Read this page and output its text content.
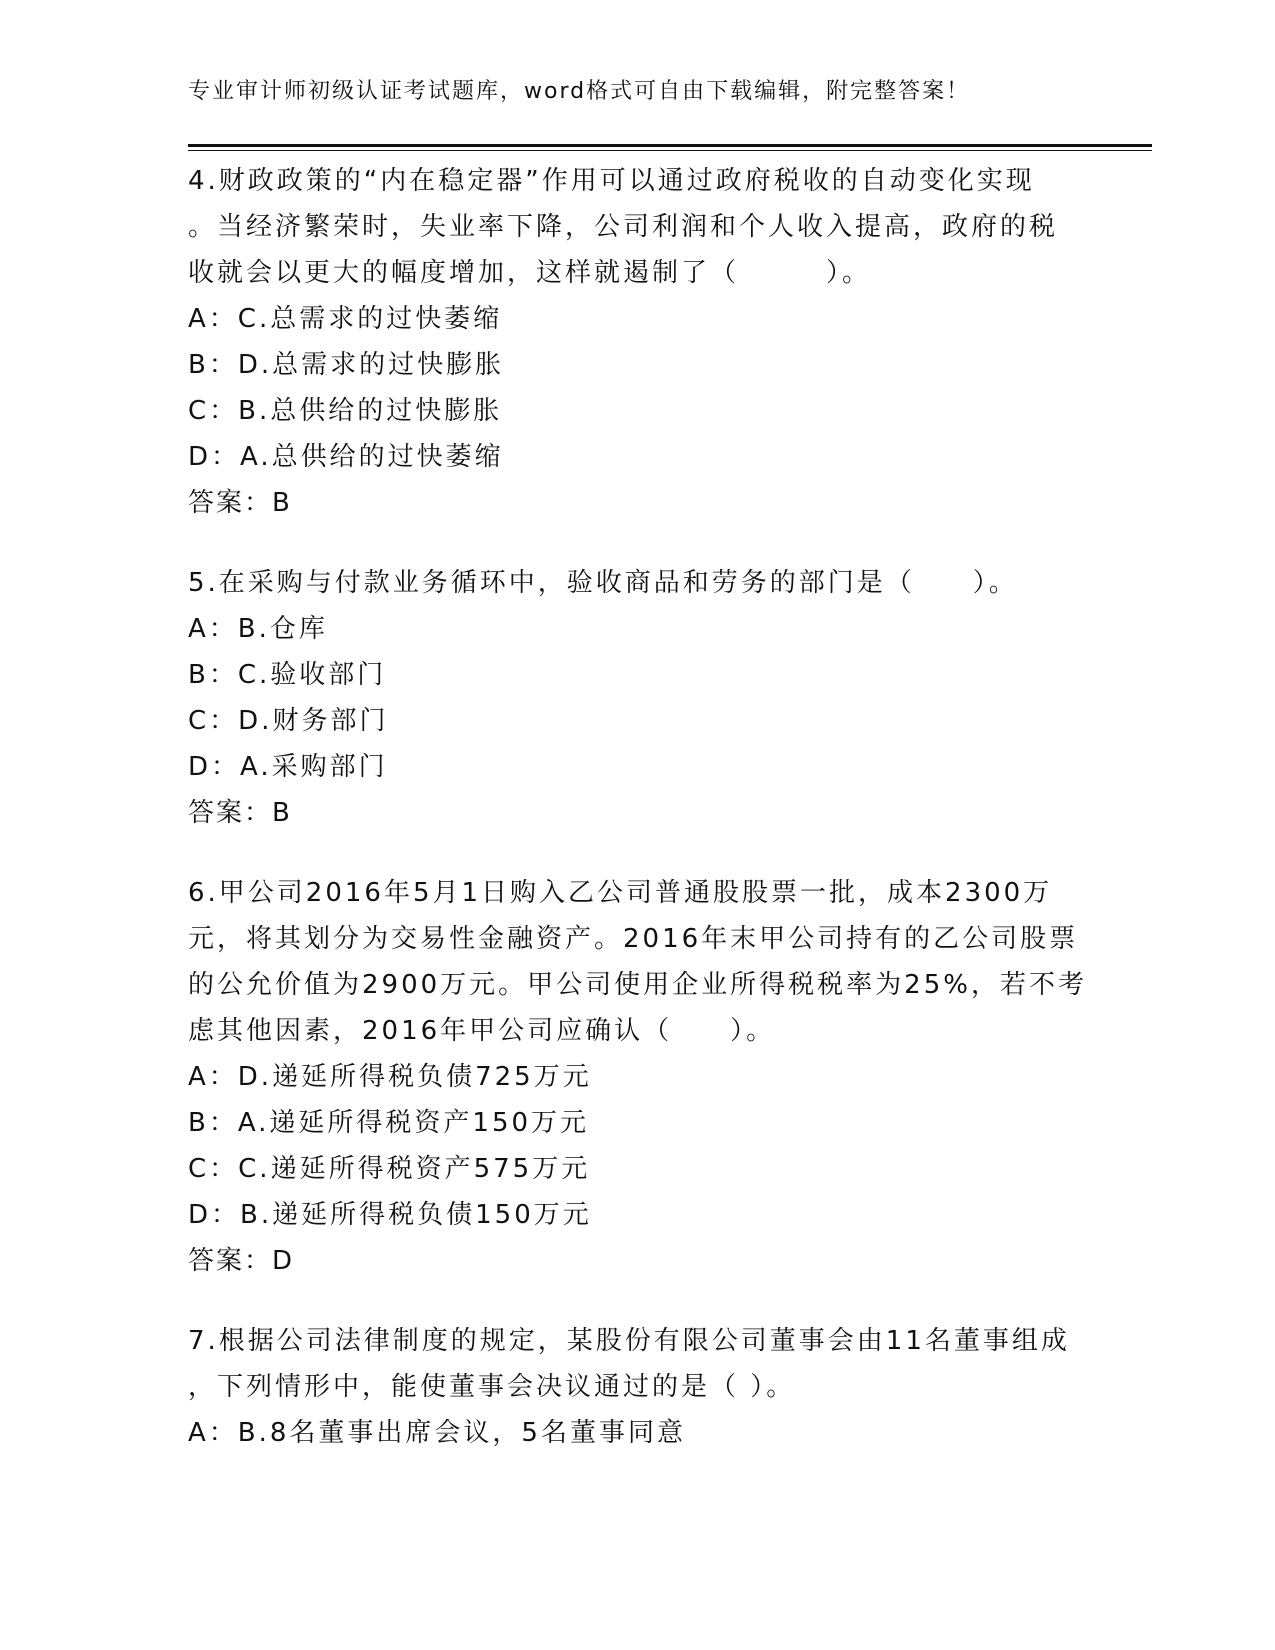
专业审计师初级认证考试题库，word格式可自由下载编辑，附完整答案！
4.财政政策的“内在稳定器”作用可以通过政府税收的自动变化实现
。当经济繁荣时，失业率下降，公司利润和个人收入提高，政府的税
收就会以更大的幅度增加，这样就遏制了（　　　）。
A：C.总需求的过快萎缩
B：D.总需求的过快膨胀
C：B.总供给的过快膨胀
D：A.总供给的过快萎缩
答案：B
5.在采购与付款业务循环中，验收商品和劳务的部门是（　　）。
A：B.仓库
B：C.验收部门
C：D.财务部门
D：A.采购部门
答案：B
6.甲公司2016年5月1日购入乙公司普通股股票一批，成本2300万
元，将其划分为交易性金融资产。2016年末甲公司持有的乙公司股票
的公允价值为2900万元。甲公司使用企业所得税税率为25%，若不考
虑其他因素，2016年甲公司应确认（　　）。
A：D.递延所得税负债725万元
B：A.递延所得税资产150万元
C：C.递延所得税资产575万元
D：B.递延所得税负债150万元
答案：D
7.根据公司法律制度的规定，某股份有限公司董事会由11名董事组成
，下列情形中，能使董事会决议通过的是（ ）。
A：B.8名董事出席会议，5名董事同意
